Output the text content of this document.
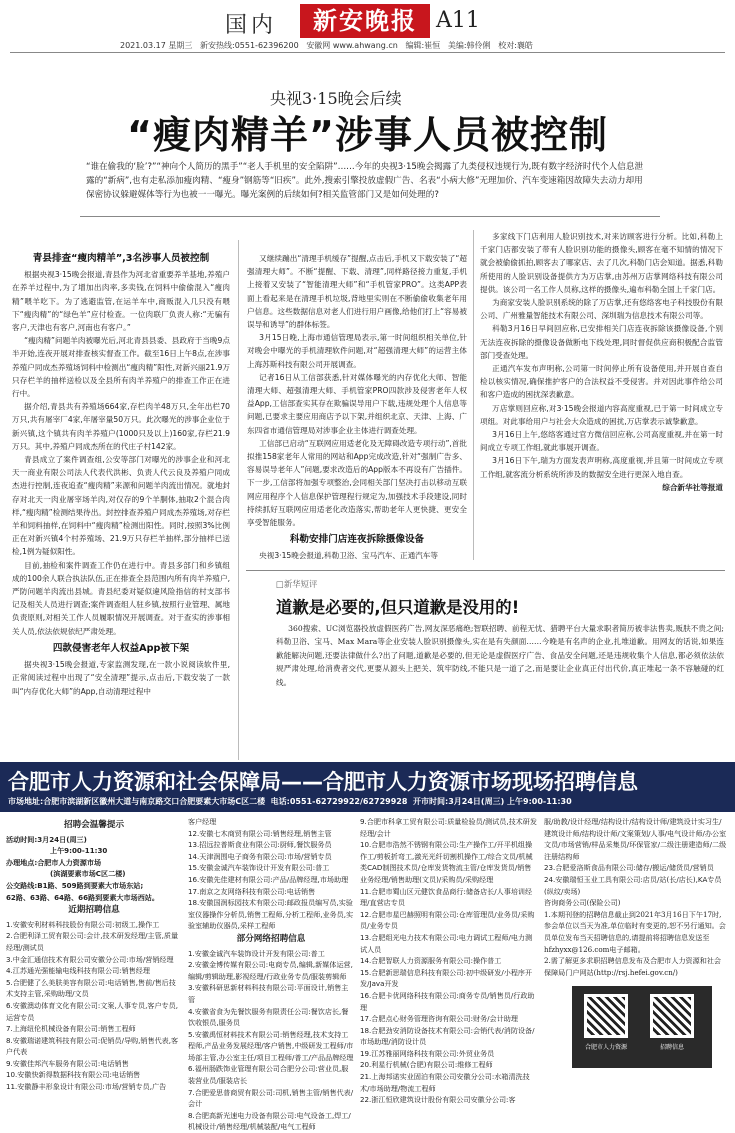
国内	新安晚报 A11
2021.03.17 星期三 新安热线:0551-62396200 安徽网 www.ahwang.cn 编辑:崔恒 美编:韩伶俐 校对:襄皓
央视3·15晚会后续
“瘦肉精羊”涉事人员被控制
“谁在偷我的‘脸’?”“神向个人简历的黑手”“老人手机里的安全陷阱”……今年的央视3·15晚会揭露了九类侵权违规行为,既有数字经济时代个人信息泄露的“新病”,也有走私添加瘦肉精、“瘦身”钢筋等“旧疾”。此外,搜索引擎投放虚假广告、名表“小病大修”无理加价、汽车变速箱因故障失去动力却用保密协议躲避媒体等行为也被一一曝光。曝光案例的后续如何?相关监管部门又是如何处理的?

青县排查“瘦肉精羊”,3名涉事人员被控制

根据央视3·15晚会报道,青县作为河北省重要养羊基地,养殖户在养羊过程中,为了增加出肉率,多卖钱,在饲料中偷偷混入“瘦肉精”喂羊吃下。为了逃避监管,在运羊车中,商贩混入几只没有喂下“瘦肉精”的“绿色羊”应付检查。一位肉联厂负责人称:“无骗有客户,天津也有客户,河南也有客户。”

“瘦肉精”问题羊肉被曝光后,河北青县县委、县政府于当晚9点半开始,连夜开展对排查核实督查工作。截至16日上午8点,在涉事养殖户同成杰养殖场饲料中检测出“瘦肉精”阳性,对新兴丽21.9万只存栏羊的抽样送检以及全县所有肉羊养殖户的排查工作正在进行中。

据介绍,青县共有养殖场664家,存栏肉羊48万只,全年出栏70万只,共有屠宰厂4家,年屠宰量50万只。此次曝光的涉事企业位于新兴镇,这个镇共有肉羊养殖户(1000只及以上)160家,存栏21.9万只。其中,养殖户同成杰所在的代庄子村142家。

青县成立了案件调查组,公安等部门对曝光的涉事企业和河北天一商业有限公司法人代表代洪彬、负责人代云良及养殖户同成杰进行控制,连夜追查“瘦肉精”来源和问题羊肉流出情况。就地封存对北天一肉业屠宰场羊肉,对仅存的9个羊胴体,抽取2个混合肉样,“瘦肉精”检测结果待出。封控排查养殖户同成杰养殖场,对存栏羊和饲料抽样,在饲料中“瘦肉精”检测出阳性。同时,按照3%比例正在对新兴镇4个村养殖场、21.9万只存栏羊抽样,部分抽样已送检,1例为疑似阳性。

目前,抽检和案件调查工作仍在进行中。青县多部门和乡镇组成的100余人联合执法队伍,正在排查全县范围内所有肉羊养殖户,严防问题羊肉流出县城。青县纪委对疑似違风险指信的村支部书记及相关人员进行调查;案件调查组人驻乡镇,按照行业管理、属地负责原则,对相关工作人员履职情况开展调查。对于查实的涉事相关人员,依法依规依纪严肃处理。

四款侵害老年人权益App被下架

据央视3·15晚会报道,专家监测发现,在一款小说阅读软件里,正常阅读过程中出现了“安全清理”提示,点击后,下载安装了一款叫“内存优化大师”的App,自动清理过程中

又继续蹦出“清理手机缓存”提醒,点击后,手机又下载安装了“超强清理大师”。不断“提醒、下载、清理”,同样路径接力重复,手机上接着又安装了“智能清理大师”和“手机管家PRO”。这类APP表面上看起来是在清理手机垃圾,背地里实则在不断偷偷收集老年用户信息。这些数据信息对老人们进行用户画像,给他们打上“容易被误导和诱导”的群体标签。

3月15日晚,上海市通信管理局表示,第一时间组织相关单位,针对晚会中曝光的手机清理软件问题,对“超强清理大师”的运营主体上海苏斯科技有限公司开展调查。

记者16日从工信部获悉,针对媒体曝光的内存优化大师、智能清理大师、超强清理大师、手机管家PRO四款涉及侵害老年人权益App,工信部查实其存在欺骗误导用户下载,违规处理个人信息等问题,已要求主要应用商店予以下架,并组织北京、天津、上海、广东四省市通信管理局对涉事企业主体进行调查处理。

工信部已启动“互联网应用适老化及无障碍改造专项行动”,首批拟推158家老年人常用的网站和App完成改造,针对“强制广告多、容易误导老年人”问题,要求改造后的App版本不再设有广告插件。下一步,工信部将加强专项整治,会同相关部门坚决打击以移动互联网应用程序个人信息保护管理程行规定为,加强技术手段建设,同时持续抓好互联网应用适老化改造落实,帮助老年人更快捷、更安全享受智能服务。

科勒安排门店连夜拆除摄像设备

央视3·15晚会报道,科勒卫浴、宝马汽车、正通汽车等

多家线下门店利用人脸识别技术,对来访顾客进行分析。比如,科勒上千家门店都安装了带有人脸识别功能的摄像头,顾客在毫不知情的情况下就会被偷偷抓拍,顾客去了哪家店、去了几次,科勒门店会知道。据悉,科勒所使用的人脸识别设备提供方为万店掌,由苏州万店掌网络科技有限公司提供。该公司一名工作人员称,这样的摄像头,遍布科勒全国上千家门店。

为商家安装人脸识别系统的除了万店掌,还有悠络客电子科技股份有限公司、广州雅量智能技术有限公司、深圳瑞为信息技术有限公司等。

科勒3月16日早间回应称,已安排相关门店连夜拆除该摄像设备,个别无法连夜拆除的摄像设备做断电下线处理,同时督促供应商积极配合监管部门受查处理。

正通汽车发布声明称,公司第一时间停止所有设备使用,并开展自查自检以核实情况,确保推护客户的合法权益不受侵害。并对因此事件给公司和客户造成的困扰深表歉意。

万店掌则回应称,对3·15晚会报道内容高度重视,已于第一时间成立专项组。对此事给用户与社会大众造成的困扰,万店掌表示诚挚歉意。

3月16日上午,悠络客通过官方微信回应称,公司高度重视,并在第一时间成立专项工作组,就此事展开调查。

3月16日下午,瑞为方面发表声明称,高度重视,并且第一时间成立专项工作组,就客流分析系统所涉及的数据安全进行更深入地自查。

综合新华社等报道

□新华短评
道歉是必要的,但只道歉是没用的!
360搜索、UC浏览器投放虚假医药广告,网友深恶痛绝;智联招聘、前程无忧、猎聘平台大量求职者简历被非法售卖,贩肤不贵之间;科勒卫浴、宝马、Max Mara等企业安装人脸识别摄像头,实在是有失颜面……今晚是有名声的企业,扎堆道歉。用网友的话说,如果连歉能解决问题,还要法律做什么?出了问题,道歉是必要的,但无论是虚假医疗广告、食品安全问题,还是违规收集个人信息,都必须依法依规严肃处理,给消费者交代,更要从源头上把关、筑牢防线,不能只是一道了之,而是要让企业真正付出代价,真正堆起一条不容触碰的红线。
合肥市人力资源和社会保障局——合肥市人力资源市场现场招聘信息
市场地址:合肥市滨湖新区徽州大道与南京路交口合肥要素大市场C区二楼 电话:0551-62729922/62729928 开市时间:3月24日(周三) 上午9:00-11:30
招聘会温馨提示
活动时间:3月24日(周三)
上午9:00-11:30
办理地点:合肥市人力资源市场
(滨湖要素市场C区二楼)
公交路线:B1路、509路到要素大市场东站;
62路、63路、64路、66路到要素大市场西站。
近期招聘信息
1.安徽安利材料科技股份有限公司:初级工,操作工
2.合肥利泽工贸有限公司:会计,技术研发经理/主管,质量经理/测试员
3.中金汇通信技术有限公司安徽分公司:市场/营销经理
4.江苏通光强能输电线科技有限公司:销售经理
5.合肥健了么美肤美容有限公司:电话销售,售前/售后技术支持主管,采购助理/文员
6.安徽澳动体育文化有限公司:文案,人事专员,客户专员,运营专员
7.上海纽伦机械设备有限公司:销售工程师
8.安徽瑞诺建筑科技有限公司:促销员/导购,销售代表,客户代表
9.安徽佳邦汽车服务有限公司:电话销售
10.安徽快新得数据科技有限公司:电话销售
11.安徽静丰形象设计有限公司:市场/营销专员,广告
客户经理
12.安徽七木商贸有限公司:销售经理,销售主管
13.招远拉普斯食业有限公司:厨师,餐饮服务员
14.天津润围电子商务有限公司:市场/营销专员
15.安徽金诚汽车装饰设计开发有限公司:普工
16.安徽先佳建材有限公司:产品/品牌经理,市场助理
17.南京之友网络科技有限公司:电话销售
18.安徽国润标园技术有限公司:邮政报员编写员,实验室仪器操作分析员,销售工程师,分析工程师,业务员,实验室辅助仪器员,采样工程师
部分网络招聘信息
1.安徽金诚汽车装饰设计开发有限公司:普工
2.安徽金博传媒有限公司:电商专员,编辑,新媒体运营,编辑/剪辑助理,影视经理/行政业务专员/服装剪辑师
3.安徽科研思新材料科技有限公司:平面设计,销售主管
4.安徽省食为先餐饮服务有限责任公司:餐饮店长,餐饮收银员,服务员
5.安徽禹恒材料技术有限公司:销售经理,技术支持工程师,产品业务发展经理/客户销售,中级研发工程师/市场部主管,办公室主任/项目工程师/普工/产品品牌经理
6.福州肠跌饰业管理有限公司合肥分公司:营业员,服装营业员/服装店长
7.合肥爱思普商贸有限公司:司机,销售主管/销售代表/会计
8.合肥高新光速电力设备有限公司:电气设备工,焊工/机械设计/销售经理/机械装配/电气工程师
9.合肥市科拿工贸有限公司:质量检验员/测试员,技术研发经理/会计
10.合肥市浩然不锈钢有限公司:生产操作工/开平机组操作工/剪板折弯工,激光光纤切割机操作工/综合文员/机械类CAD制图技术员/仓库发货物流主管/仓库发货员/销售业务经理/销售助理(文员)/采购员/采购经理
11.合肥市蜀山区元健饮食品商行:储备店长/人事培训经理/直营店专员
12.合肥市星巴赫照明有限公司:仓库管理员/业务员/采购员/业务专员
13.合肥组光电力技术有限公司:电力调试工程师/电力测试人员
14.合肥智联人力资源服务有限公司:操作普工
15.合肥新思瑞信息科技有限公司:初中级研发/小程序开发/Java开发
16.合肥卡优网络科技有限公司:商务专员/销售员/行政助理
17.合肥点心财务管理咨询有限公司:财务/会计助理
18.合肥劲安消防设备技术有限公司:会销代表/消防设备/市场助理/消防设计员
19.江苏雅丽网络科技有限公司:外贸业务员
20.利星行机械(合肥)有限公司:维修工程师
21.上海邦诺实业固泊有限公司安徽分公司:水箱清洗技术/市场助理/物流工程师
22.浙江恒欣建筑设计股份有限公司安徽分公司:客
服/助教/设计经理/结构设计/结构设计师/建筑设计实习生/建筑设计师/结构设计师/文案策划/人事/电气设计师/办公室文员/市场营销/样品采集员/环保管家/二级注册建造师/二级注册结构师
23.合肥爱洛斯食品有限公司:储存/搬运/储货员/营销员
24.安徽瑞恒玉业工具有限公司:店员/站(长/店长),KA专员(纵纹/卖场)
咨询商务公司(保险公司)
1.本期刊登的招聘信息截止到2021年3月16日下午17时,参会单位以当天为准,单位临时有变更的,恕不另行通知。会员单位发布当天招聘信息的,请提前将招聘信息发送至hfzhyxx@126.com电子邮箱。
2.需了解更多求职招聘信息发布及合肥市人力资源和社会保障局门户网站(http://rsj.hefei.gov.cn/)
合肥市人力资源	招聘信息
